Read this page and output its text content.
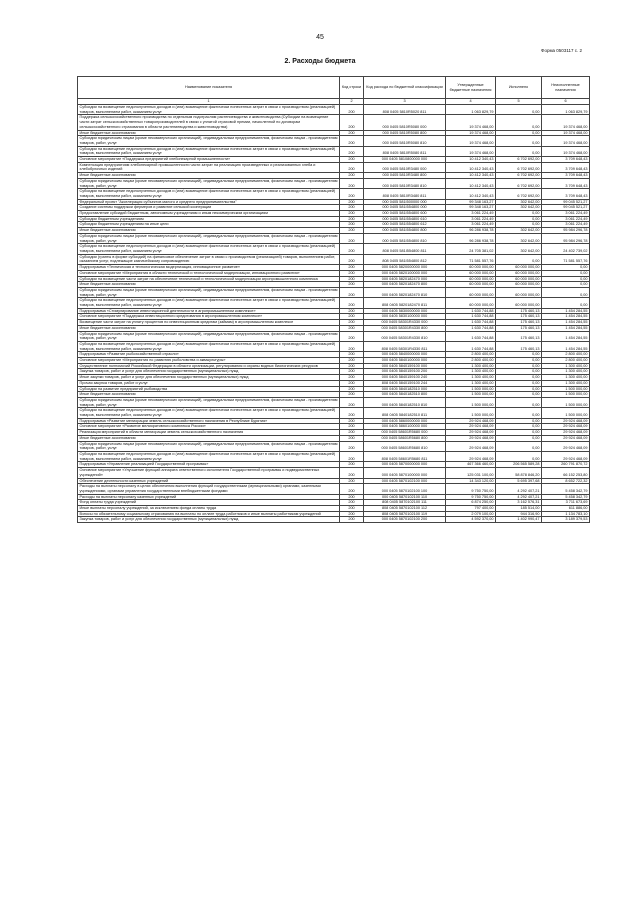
45
Форма 0503117 с. 2
2. Расходы бюджета
Наименование показателя	Код строки	Код расхода по бюджетной классификации	Утвержденные бюджетные назначения	Исполнено	Неисполненные назначения
1	2	3	4	5	6
Субсидии на возмещение недополученных доходов и (или) возмещение фактически понесенных затрат в связи с производством (реализацией) товаров, выполнением работ, оказанием услуг	200	808 0405 5810R5020 811	1 063 829,79	0,00	1 063 829,79
Поддержка сельскохозяйственного производства по отдельным подотраслям растениеводства и животноводства (Субсидии на возмещение части затрат сельскохозяйственных товаропроизводителей в связи с уплатой страховой премии, начисленной по договорам сельскохозяйственного страхования в области растениеводства и животноводства)	200	000 0405 5810R5080 000	19 374 468,00	0,00	19 374 468,00
Иные бюджетные ассигнования	200	000 0405 5810R5080 800	19 374 468,00	0,00	19 374 468,00
Субсидии юридическим лицам (кроме некоммерческих организаций), индивидуальным предпринимателям, физическим лицам - производителям товаров, работ, услуг	200	000 0405 5810R5080 810	19 374 468,00	0,00	19 374 468,00
Субсидии на возмещение недополученных доходов и (или) возмещение фактически понесенных затрат в связи с производством (реализацией) товаров, выполнением работ, оказанием услуг	200	808 0405 5810R5080 811	19 374 468,00	0,00	19 374 468,00
Основное мероприятие «Поддержка предприятий хлебопекарной промышленности»	200	000 0405 5810800000 000	10 412 340,43	6 702 692,00	3 709 648,43
Компенсация предприятиям хлебопекарной промышленности части затрат на реализацию произведенных и реализованных хлеба и хлебобулочных изделий	200	000 0405 5810R3480 000	10 412 340,43	6 702 692,00	3 709 648,43
Иные бюджетные ассигнования	200	000 0405 5810R3480 800	10 412 340,43	6 702 692,00	3 709 648,43
Субсидии юридическим лицам (кроме некоммерческих организаций), индивидуальным предпринимателям, физическим лицам - производителям товаров, работ, услуг	200	000 0405 5810R3480 810	10 412 340,43	6 702 692,00	3 709 648,43
Субсидии на возмещение недополученных доходов и (или) возмещение фактически понесенных затрат в связи с производством (реализацией) товаров, выполнением работ, оказанием услуг	200	808 0405 5810R3480 811	10 412 340,43	6 702 692,00	3 709 648,43
Федеральный проект "Акселерация субъектов малого и среднего предпринимательства"	200	000 0405 581I500000 000	99 348 163,27	302 642,00	99 045 521,27
Создание системы поддержки фермеров и развитие сельской кооперации	200	000 0405 581I554800 000	99 348 163,27	302 642,00	99 045 521,27
Предоставление субсидий бюджетным, автономным учреждениям и иным некоммерческим организациям	200	000 0405 581I554800 600	3 061 224,49	0,00	3 061 224,49
Субсидии бюджетным учреждениям	200	000 0405 581I554800 610	3 061 224,49	0,00	3 061 224,49
Субсидии бюджетным учреждениям на иные цели	200	000 0405 581I554800 612	3 061 224,49	0,00	3 061 224,49
Иные бюджетные ассигнования	200	000 0405 581I554800 800	96 286 938,78	302 642,00	95 984 296,78
Субсидии юридическим лицам (кроме некоммерческих организаций), индивидуальным предпринимателям, физическим лицам - производителям товаров, работ, услуг	200	000 0405 581I554800 810	96 286 938,78	302 642,00	95 984 296,78
Субсидии на возмещение недополученных доходов и (или) возмещение фактически понесенных затрат в связи с производством (реализацией) товаров, выполнением работ, оказанием услуг	200	808 0405 581I554800 811	24 705 381,02	302 642,00	24 402 739,02
Субсидии (гранты в форме субсидий) на финансовое обеспечение затрат в связи с производством (реализацией) товаров, выполнением работ, оказанием услуг, подлежащие казначейскому сопровождению	200	808 0405 581I554800 812	71 581 557,76	0,00	71 581 557,76
Подпрограмма «Техническая и технологическая модернизация, инновационное развитие»	200	000 0405 5820000000 000	60 000 000,00	60 000 000,00	0,00
Основное мероприятие «Мероприятия в области технической и технологической модернизации, инновационного развития»	200	000 0405 5820100000 000	60 000 000,00	60 000 000,00	0,00
Субсидии на возмещение части затрат на обеспечение технической и технологической модернизации агропромышленного комплекса	200	000 0405 5820182470 000	60 000 000,00	60 000 000,00	0,00
Иные бюджетные ассигнования	200	000 0405 5820182470 800	60 000 000,00	60 000 000,00	0,00
Субсидии юридическим лицам (кроме некоммерческих организаций), индивидуальным предпринимателям, физическим лицам - производителям товаров, работ, услуг	200	000 0405 5820182470 810	60 000 000,00	60 000 000,00	0,00
Субсидии на возмещение недополученных доходов и (или) возмещение фактически понесенных затрат в связи с производством (реализацией) товаров, выполнением работ, оказанием услуг	200	808 0405 5820182470 811	60 000 000,00	60 000 000,00	0,00
Подпрограмма «Стимулирование инвестиционной деятельности в агропромышленном комплексе»	200	000 0405 5830000000 000	1 630 744,88	175 460,13	1 454 284,55
Основное мероприятие «Поддержка инвестиционного кредитования в агропромышленном комплексе»	200	000 0405 5830100000 000	1 630 744,88	175 460,13	1 454 284,55
Возмещение части затрат на уплату процентов по инвестиционным кредитам (займам) в агропромышленном комплексе	200	000 0405 58301R4330 000	1 630 744,88	175 460,13	1 454 284,55
Иные бюджетные ассигнования	200	000 0405 58301R4330 800	1 630 744,88	175 460,13	1 454 284,55
Субсидии юридическим лицам (кроме некоммерческих организаций), индивидуальным предпринимателям, физическим лицам - производителям товаров, работ, услуг	200	000 0405 58301R4330 810	1 630 744,88	175 460,13	1 454 284,55
Субсидии на возмещение недополученных доходов и (или) возмещение фактически понесенных затрат в связи с производством (реализацией) товаров, выполнением работ, оказанием услуг	200	808 0405 58301R4330 811	1 630 744,88	175 460,13	1 454 284,55
Подпрограмма «Развитие рыбохозяйственной отрасли»	200	000 0405 5840000000 000	2 800 400,00	0,00	2 800 400,00
Основное мероприятие «Мероприятия по развитию рыболовства и аквакультуры»	200	000 0405 5840100000 000	2 800 400,00	0,00	2 800 400,00
Осуществление полномочий Российской Федерации в области организации, регулирования и охраны водных биологических ресурсов	200	000 0405 5840159100 000	1 300 400,00	0,00	1 300 400,00
Закупка товаров, работ и услуг для обеспечения государственных (муниципальных) нужд	200	000 0405 5840159100 200	1 300 400,00	0,00	1 300 400,00
Иные закупки товаров, работ и услуг для обеспечения государственных (муниципальных) нужд	200	000 0405 5840159100 240	1 300 400,00	0,00	1 300 400,00
Прочая закупка товаров, работ и услуг	200	808 0405 5840159100 244	1 300 400,00	0,00	1 300 400,00
Субсидии на развитие предприятий рыбоводства	200	000 0405 5840182510 000	1 500 000,00	0,00	1 500 000,00
Иные бюджетные ассигнования	200	000 0405 5840182510 800	1 500 000,00	0,00	1 500 000,00
Субсидии юридическим лицам (кроме некоммерческих организаций), индивидуальным предпринимателям, физическим лицам - производителям товаров, работ, услуг	200	000 0405 5840182510 810	1 500 000,00	0,00	1 500 000,00
Субсидии на возмещение недополученных доходов и (или) возмещение фактически понесенных затрат в связи с производством (реализацией) товаров, выполнением работ, оказанием услуг	200	808 0405 5840182510 811	1 500 000,00	0,00	1 500 000,00
Подпрограмма «Развитие мелиорации земель сельскохозяйственного назначения в Республике Бурятия»	200	000 0405 5860000000 000	29 924 468,09	0,00	29 924 468,09
Основное мероприятие «Развитие мелиоративного комплекса России»	200	000 0405 5860100000 000	29 924 468,09	0,00	29 924 468,09
Реализация мероприятий в области мелиорации земель сельскохозяйственного назначения	200	000 0405 58601R5680 000	29 924 468,09	0,00	29 924 468,09
Иные бюджетные ассигнования	200	000 0405 58601R5680 800	29 924 468,09	0,00	29 924 468,09
Субсидии юридическим лицам (кроме некоммерческих организаций), индивидуальным предпринимателям, физическим лицам - производителям товаров, работ, услуг	200	000 0405 58601R5680 810	29 924 468,09	0,00	29 924 468,09
Субсидии на возмещение недополученных доходов и (или) возмещение фактически понесенных затрат в связи с производством (реализацией) товаров, выполнением работ, оказанием услуг	200	808 0405 58601R5680 811	29 924 468,09	0,00	29 924 468,09
Подпрограмма «Управление реализацией Государственной программы»	200	000 0405 5870000000 000	467 366 460,00	206 565 589,28	260 791 870,72
Основное мероприятие «Улучшение функций аппарата ответственного исполнителя Государственной программы и подведомственных учреждений»	200	000 0405 5870100000 000	125 031 100,00	58 878 846,20	66 152 253,80
Обеспечение деятельности казенных учреждений	200	000 0405 5870102100 000	14 343 120,00	5 695 397,68	8 652 722,32
Расходы на выплаты персоналу в целях обеспечения выполнения функций государственными (муниципальными) органами, казенными учреждениями, органами управления государственными внебюджетными фондами	200	000 0405 5870102100 100	9 750 750,00	4 292 407,21	5 458 342,79
Расходы на выплаты персоналу казенных учреждений	200	000 0405 5870102100 110	9 750 750,00	4 292 407,21	5 458 342,79
Фонд оплаты труда учреждений	200	808 0405 5870102100 111	6 874 250,00	3 162 576,31	3 711 673,69
Иные выплаты персоналу учреждений, за исключением фонда оплаты труда	200	808 0405 5870102100 112	797 400,00	185 514,00	611 886,00
Взносы по обязательному социальному страхованию на выплаты по оплате труда работников и иные выплаты работникам учреждений	200	808 0405 5870102100 119	2 079 100,00	944 316,90	1 134 783,10
Закупка товаров, работ и услуг для обеспечения государственных (муниципальных) нужд	200	000 0405 5870102100 200	4 592 370,00	1 402 990,47	3 189 379,53
